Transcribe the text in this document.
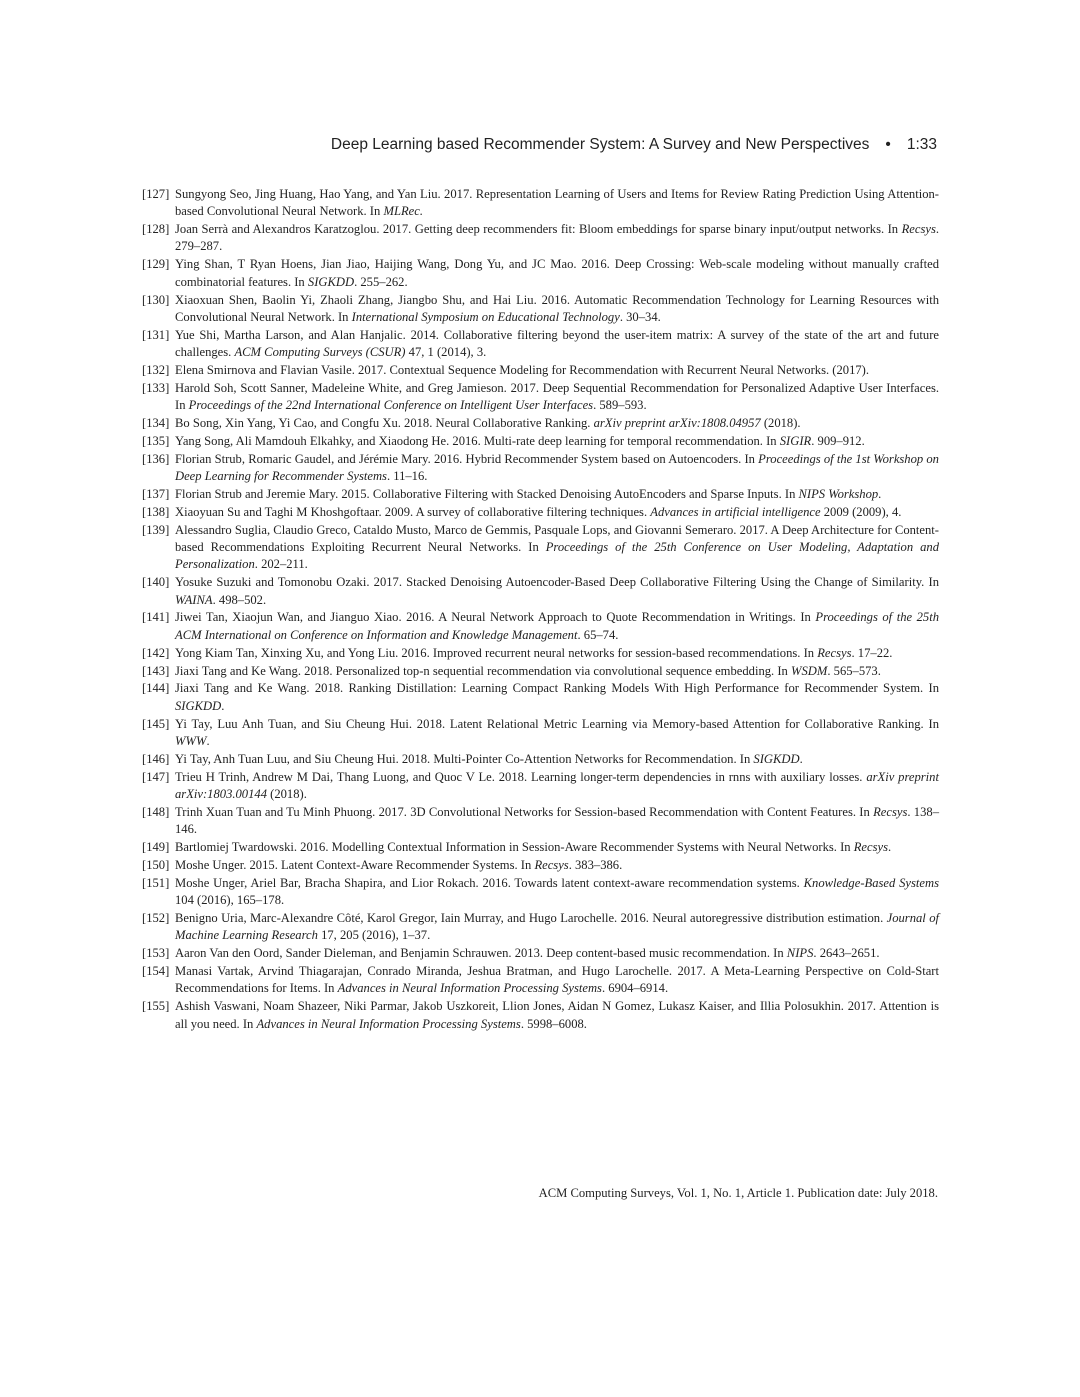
Deep Learning based Recommender System: A Survey and New Perspectives • 1:33
[127] Sungyong Seo, Jing Huang, Hao Yang, and Yan Liu. 2017. Representation Learning of Users and Items for Review Rating Prediction Using Attention-based Convolutional Neural Network. In MLRec.
[128] Joan Serrà and Alexandros Karatzoglou. 2017. Getting deep recommenders fit: Bloom embeddings for sparse binary input/output networks. In Recsys. 279–287.
[129] Ying Shan, T Ryan Hoens, Jian Jiao, Haijing Wang, Dong Yu, and JC Mao. 2016. Deep Crossing: Web-scale modeling without manually crafted combinatorial features. In SIGKDD. 255–262.
[130] Xiaoxuan Shen, Baolin Yi, Zhaoli Zhang, Jiangbo Shu, and Hai Liu. 2016. Automatic Recommendation Technology for Learning Resources with Convolutional Neural Network. In International Symposium on Educational Technology. 30–34.
[131] Yue Shi, Martha Larson, and Alan Hanjalic. 2014. Collaborative filtering beyond the user-item matrix: A survey of the state of the art and future challenges. ACM Computing Surveys (CSUR) 47, 1 (2014), 3.
[132] Elena Smirnova and Flavian Vasile. 2017. Contextual Sequence Modeling for Recommendation with Recurrent Neural Networks. (2017).
[133] Harold Soh, Scott Sanner, Madeleine White, and Greg Jamieson. 2017. Deep Sequential Recommendation for Personalized Adaptive User Interfaces. In Proceedings of the 22nd International Conference on Intelligent User Interfaces. 589–593.
[134] Bo Song, Xin Yang, Yi Cao, and Congfu Xu. 2018. Neural Collaborative Ranking. arXiv preprint arXiv:1808.04957 (2018).
[135] Yang Song, Ali Mamdouh Elkahky, and Xiaodong He. 2016. Multi-rate deep learning for temporal recommendation. In SIGIR. 909–912.
[136] Florian Strub, Romaric Gaudel, and Jérémie Mary. 2016. Hybrid Recommender System based on Autoencoders. In Proceedings of the 1st Workshop on Deep Learning for Recommender Systems. 11–16.
[137] Florian Strub and Jeremie Mary. 2015. Collaborative Filtering with Stacked Denoising AutoEncoders and Sparse Inputs. In NIPS Workshop.
[138] Xiaoyuan Su and Taghi M Khoshgoftaar. 2009. A survey of collaborative filtering techniques. Advances in artificial intelligence 2009 (2009), 4.
[139] Alessandro Suglia, Claudio Greco, Cataldo Musto, Marco de Gemmis, Pasquale Lops, and Giovanni Semeraro. 2017. A Deep Architecture for Content-based Recommendations Exploiting Recurrent Neural Networks. In Proceedings of the 25th Conference on User Modeling, Adaptation and Personalization. 202–211.
[140] Yosuke Suzuki and Tomonobu Ozaki. 2017. Stacked Denoising Autoencoder-Based Deep Collaborative Filtering Using the Change of Similarity. In WAINA. 498–502.
[141] Jiwei Tan, Xiaojun Wan, and Jianguo Xiao. 2016. A Neural Network Approach to Quote Recommendation in Writings. In Proceedings of the 25th ACM International on Conference on Information and Knowledge Management. 65–74.
[142] Yong Kiam Tan, Xinxing Xu, and Yong Liu. 2016. Improved recurrent neural networks for session-based recommendations. In Recsys. 17–22.
[143] Jiaxi Tang and Ke Wang. 2018. Personalized top-n sequential recommendation via convolutional sequence embedding. In WSDM. 565–573.
[144] Jiaxi Tang and Ke Wang. 2018. Ranking Distillation: Learning Compact Ranking Models With High Performance for Recommender System. In SIGKDD.
[145] Yi Tay, Luu Anh Tuan, and Siu Cheung Hui. 2018. Latent Relational Metric Learning via Memory-based Attention for Collaborative Ranking. In WWW.
[146] Yi Tay, Anh Tuan Luu, and Siu Cheung Hui. 2018. Multi-Pointer Co-Attention Networks for Recommendation. In SIGKDD.
[147] Trieu H Trinh, Andrew M Dai, Thang Luong, and Quoc V Le. 2018. Learning longer-term dependencies in rnns with auxiliary losses. arXiv preprint arXiv:1803.00144 (2018).
[148] Trinh Xuan Tuan and Tu Minh Phuong. 2017. 3D Convolutional Networks for Session-based Recommendation with Content Features. In Recsys. 138–146.
[149] Bartlomiej Twardowski. 2016. Modelling Contextual Information in Session-Aware Recommender Systems with Neural Networks. In Recsys.
[150] Moshe Unger. 2015. Latent Context-Aware Recommender Systems. In Recsys. 383–386.
[151] Moshe Unger, Ariel Bar, Bracha Shapira, and Lior Rokach. 2016. Towards latent context-aware recommendation systems. Knowledge-Based Systems 104 (2016), 165–178.
[152] Benigno Uria, Marc-Alexandre Côté, Karol Gregor, Iain Murray, and Hugo Larochelle. 2016. Neural autoregressive distribution estimation. Journal of Machine Learning Research 17, 205 (2016), 1–37.
[153] Aaron Van den Oord, Sander Dieleman, and Benjamin Schrauwen. 2013. Deep content-based music recommendation. In NIPS. 2643–2651.
[154] Manasi Vartak, Arvind Thiagarajan, Conrado Miranda, Jeshua Bratman, and Hugo Larochelle. 2017. A Meta-Learning Perspective on Cold-Start Recommendations for Items. In Advances in Neural Information Processing Systems. 6904–6914.
[155] Ashish Vaswani, Noam Shazeer, Niki Parmar, Jakob Uszkoreit, Llion Jones, Aidan N Gomez, Lukasz Kaiser, and Illia Polosukhin. 2017. Attention is all you need. In Advances in Neural Information Processing Systems. 5998–6008.
ACM Computing Surveys, Vol. 1, No. 1, Article 1. Publication date: July 2018.
